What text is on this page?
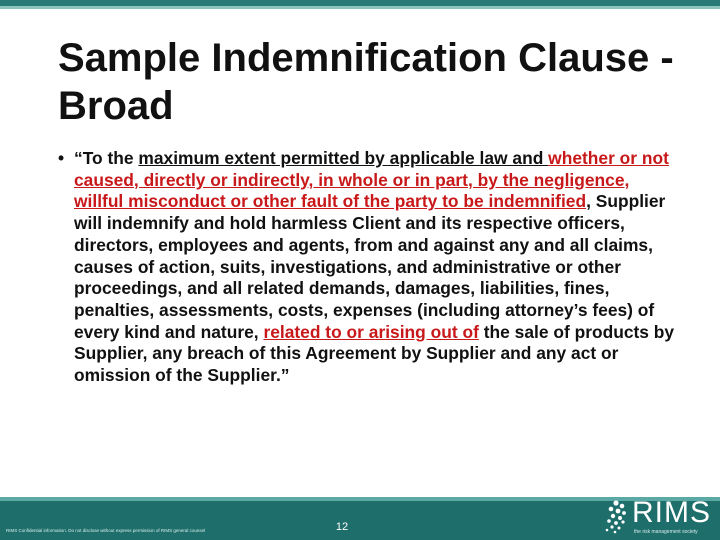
Sample Indemnification Clause - Broad
• “To the maximum extent permitted by applicable law and whether or not caused, directly or indirectly, in whole or in part, by the negligence, willful misconduct or other fault of the party to be indemnified, Supplier will indemnify and hold harmless Client and its respective officers, directors, employees and agents, from and against any and all claims, causes of action, suits, investigations, and administrative or other proceedings, and all related demands, damages, liabilities, fines, penalties, assessments, costs, expenses (including attorney’s fees) of every kind and nature, related to or arising out of the sale of products by Supplier, any breach of this Agreement by Supplier and any act or omission of the Supplier.”
RIMS Confidential information. Do not disclose without express permission of RIMS general counsel	12	RIMS
the risk management society
